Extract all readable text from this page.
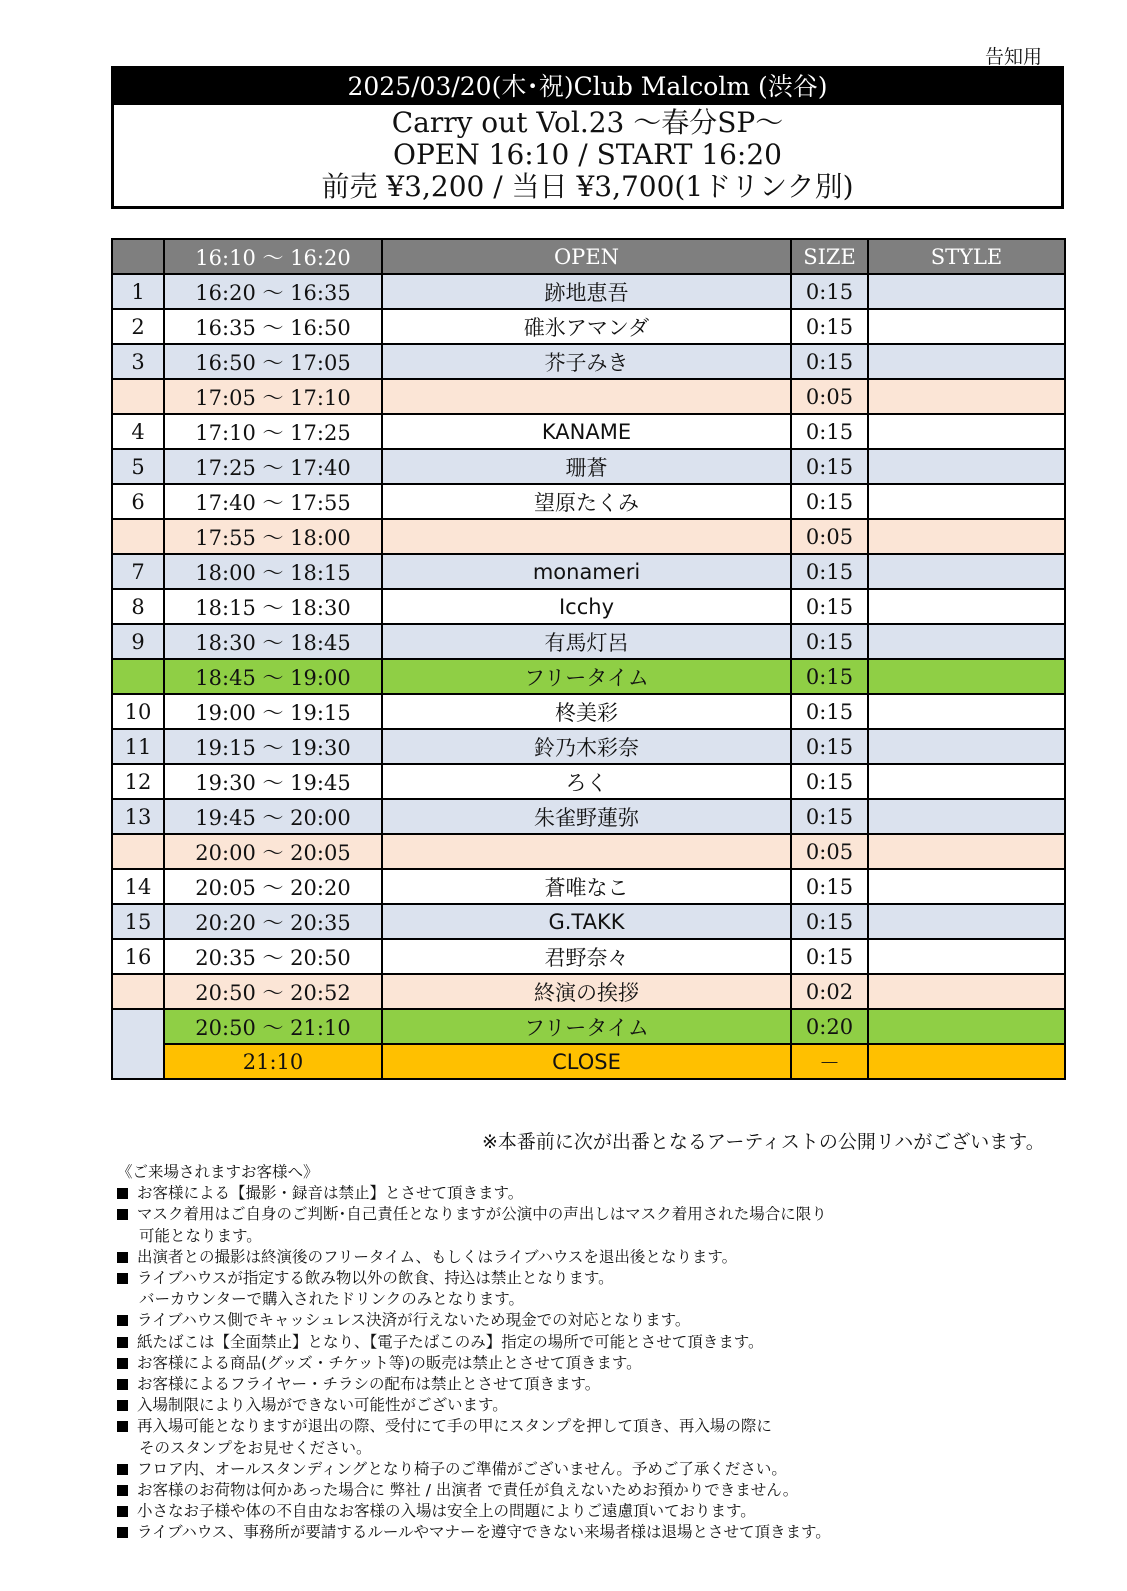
告知用
2025/03/20(木･祝)Club Malcolm (渋谷)
Carry out Vol.23 ～春分SP～
OPEN 16:10 / START 16:20
前売 ¥3,200 / 当日 ¥3,700(1ドリンク別)
	16:10 ～ 16:20	OPEN	SIZE	STYLE
1	16:20 ～ 16:35	跡地恵吾	0:15	
2	16:35 ～ 16:50	碓氷アマンダ	0:15	
3	16:50 ～ 17:05	芥子みき	0:15	
	17:05 ～ 17:10		0:05	
4	17:10 ～ 17:25	KANAME	0:15	
5	17:25 ～ 17:40	珊蒼	0:15	
6	17:40 ～ 17:55	望原たくみ	0:15	
	17:55 ～ 18:00		0:05	
7	18:00 ～ 18:15	monameri	0:15	
8	18:15 ～ 18:30	Icchy	0:15	
9	18:30 ～ 18:45	有馬灯呂	0:15	
	18:45 ～ 19:00	フリータイム	0:15	
10	19:00 ～ 19:15	柊美彩	0:15	
11	19:15 ～ 19:30	鈴乃木彩奈	0:15	
12	19:30 ～ 19:45	ろく	0:15	
13	19:45 ～ 20:00	朱雀野蓮弥	0:15	
	20:00 ～ 20:05		0:05	
14	20:05 ～ 20:20	蒼唯なこ	0:15	
15	20:20 ～ 20:35	G.TAKK	0:15	
16	20:35 ～ 20:50	君野奈々	0:15	
	20:50 ～ 20:52	終演の挨拶	0:02	
	20:50 ～ 21:10	フリータイム	0:20	
	21:10	CLOSE	－	
※本番前に次が出番となるアーティストの公開リハがございます。
《ご来場されますお客様へ》
お客様による【撮影・録音は禁止】とさせて頂きます。
マスク着用はご自身のご判断･自己責任となりますが公演中の声出しはマスク着用された場合に限り
可能となります。
出演者との撮影は終演後のフリータイム、もしくはライブハウスを退出後となります。
ライブハウスが指定する飲み物以外の飲食、持込は禁止となります。
バーカウンターで購入されたドリンクのみとなります。
ライブハウス側でキャッシュレス決済が行えないため現金での対応となります。
紙たばこは【全面禁止】となり、【電子たばこのみ】指定の場所で可能とさせて頂きます。
お客様による商品(グッズ・チケット等)の販売は禁止とさせて頂きます。
お客様によるフライヤー・チラシの配布は禁止とさせて頂きます。
入場制限により入場ができない可能性がございます。
再入場可能となりますが退出の際、受付にて手の甲にスタンプを押して頂き、再入場の際に
そのスタンプをお見せください。
フロア内、オールスタンディングとなり椅子のご準備がございません。予めご了承ください。
お客様のお荷物は何かあった場合に 弊社 / 出演者 で責任が負えないためお預かりできません。
小さなお子様や体の不自由なお客様の入場は安全上の問題によりご遠慮頂いております。
ライブハウス、事務所が要請するルールやマナーを遵守できない来場者様は退場とさせて頂きます。
